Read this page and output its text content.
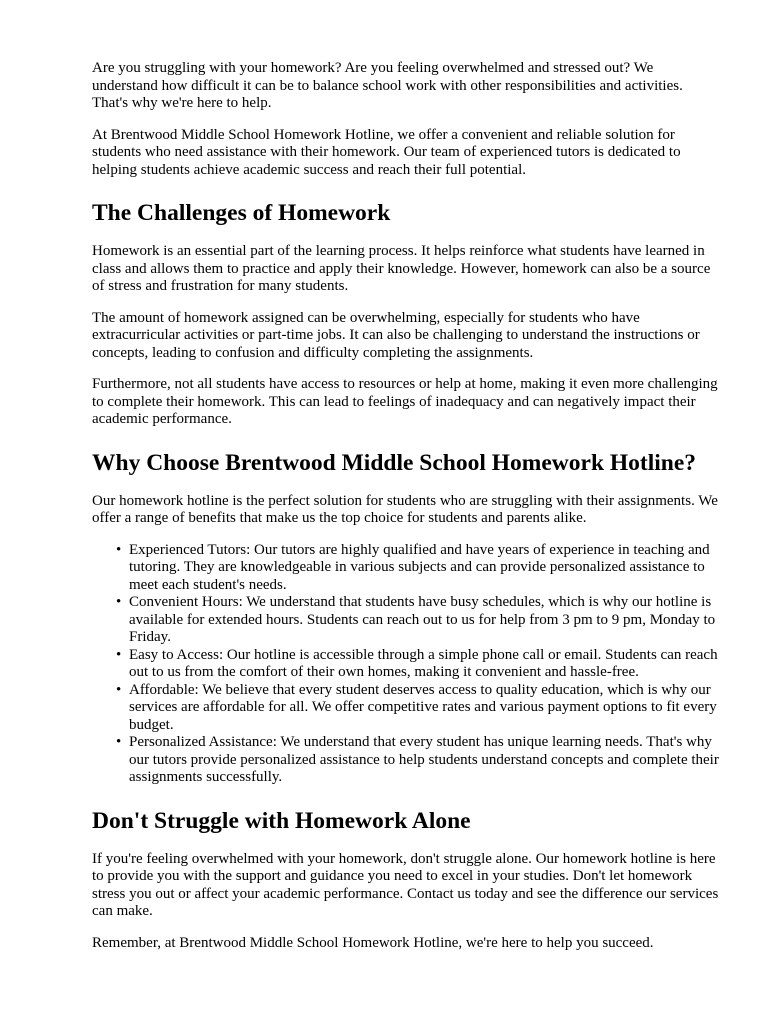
Are you struggling with your homework? Are you feeling overwhelmed and stressed out? We understand how difficult it can be to balance school work with other responsibilities and activities. That's why we're here to help.

At Brentwood Middle School Homework Hotline, we offer a convenient and reliable solution for students who need assistance with their homework. Our team of experienced tutors is dedicated to helping students achieve academic success and reach their full potential.

The Challenges of Homework

Homework is an essential part of the learning process. It helps reinforce what students have learned in class and allows them to practice and apply their knowledge. However, homework can also be a source of stress and frustration for many students.

The amount of homework assigned can be overwhelming, especially for students who have extracurricular activities or part-time jobs. It can also be challenging to understand the instructions or concepts, leading to confusion and difficulty completing the assignments.

Furthermore, not all students have access to resources or help at home, making it even more challenging to complete their homework. This can lead to feelings of inadequacy and can negatively impact their academic performance.

Why Choose Brentwood Middle School Homework Hotline?

Our homework hotline is the perfect solution for students who are struggling with their assignments. We offer a range of benefits that make us the top choice for students and parents alike.

• Experienced Tutors: Our tutors are highly qualified and have years of experience in teaching and tutoring. They are knowledgeable in various subjects and can provide personalized assistance to meet each student's needs.
• Convenient Hours: We understand that students have busy schedules, which is why our hotline is available for extended hours. Students can reach out to us for help from 3 pm to 9 pm, Monday to Friday.
• Easy to Access: Our hotline is accessible through a simple phone call or email. Students can reach out to us from the comfort of their own homes, making it convenient and hassle-free.
• Affordable: We believe that every student deserves access to quality education, which is why our services are affordable for all. We offer competitive rates and various payment options to fit every budget.
• Personalized Assistance: We understand that every student has unique learning needs. That's why our tutors provide personalized assistance to help students understand concepts and complete their assignments successfully.
Don't Struggle with Homework Alone

If you're feeling overwhelmed with your homework, don't struggle alone. Our homework hotline is here to provide you with the support and guidance you need to excel in your studies. Don't let homework stress you out or affect your academic performance. Contact us today and see the difference our services can make.

Remember, at Brentwood Middle School Homework Hotline, we're here to help you succeed.
